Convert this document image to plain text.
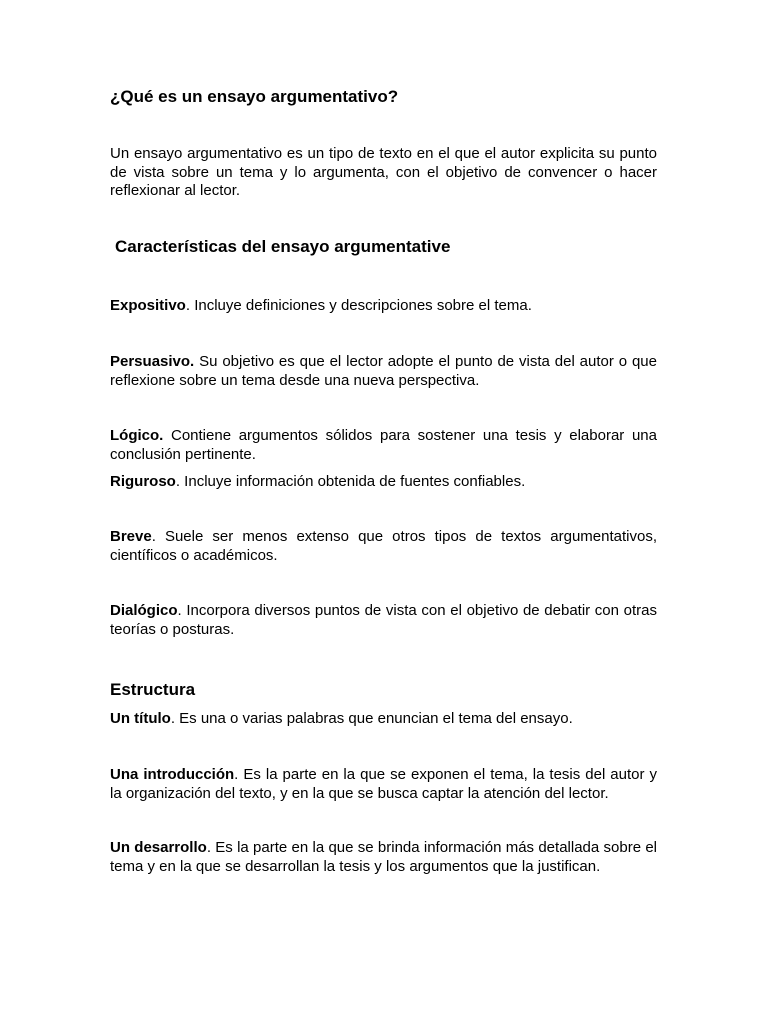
¿Qué es un ensayo argumentativo?

Un ensayo argumentativo es un tipo de texto en el que el autor explicita su punto de vista sobre un tema y lo argumenta, con el objetivo de convencer o hacer reflexionar al lector.

Características del ensayo argumentative

Expositivo. Incluye definiciones y descripciones sobre el tema.

Persuasivo. Su objetivo es que el lector adopte el punto de vista del autor o que reflexione sobre un tema desde una nueva perspectiva.

Lógico. Contiene argumentos sólidos para sostener una tesis y elaborar una conclusión pertinente.

Riguroso. Incluye información obtenida de fuentes confiables.

Breve. Suele ser menos extenso que otros tipos de textos argumentativos, científicos o académicos.

Dialógico. Incorpora diversos puntos de vista con el objetivo de debatir con otras teorías o posturas.

Estructura

Un título. Es una o varias palabras que enuncian el tema del ensayo.

Una introducción. Es la parte en la que se exponen el tema, la tesis del autor y la organización del texto, y en la que se busca captar la atención del lector.

Un desarrollo. Es la parte en la que se brinda información más detallada sobre el tema y en la que se desarrollan la tesis y los argumentos que la justifican.
